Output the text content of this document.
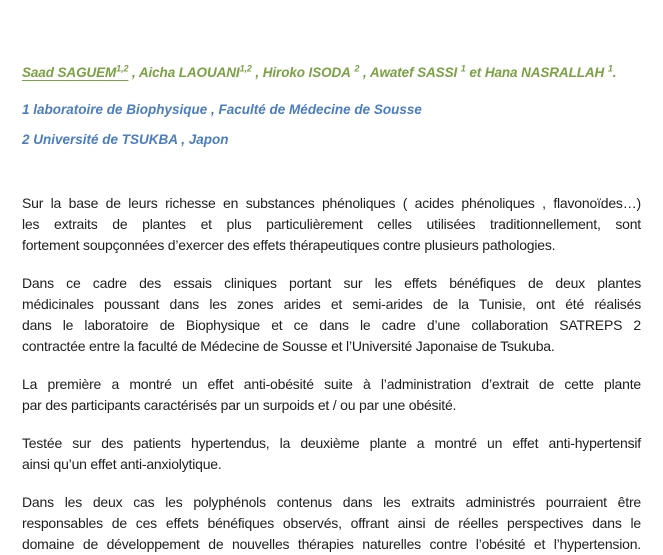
Saad SAGUEM$^{1,2}$ , Aicha LAOUANI$^{1,2}$ , Hiroko ISODA $^2$ , Awatef SASSI $^1$ et Hana NASRALLAH $^1$.
1 laboratoire de Biophysique , Faculté de Médecine de Sousse
2 Université de TSUKBA , Japon
Sur la base de leurs richesse en substances phénoliques ( acides phénoliques , flavonoïdes…)
les extraits de plantes et plus particulièrement celles utilisées traditionnellement, sont
fortement soupçonnées d’exercer des effets thérapeutiques contre plusieurs pathologies.
Dans ce cadre des essais cliniques portant sur les effets bénéfiques de deux plantes
médicinales poussant dans les zones arides et semi-arides de la Tunisie, ont été réalisés
dans le laboratoire de Biophysique et ce dans le cadre d’une collaboration SATREPS 2
contractée entre la faculté de Médecine de Sousse et l’Université Japonaise de Tsukuba.
La première a montré un effet anti-obésité suite à l’administration d’extrait de cette plante
par des participants caractérisés par un surpoids et / ou par une obésité.
Testée sur des patients hypertendus, la deuxième plante a montré un effet anti-hypertensif
ainsi qu’un effet anti-anxiolytique.
Dans les deux cas les polyphénols contenus dans les extraits administrés pourraient être
responsables de ces effets bénéfiques observés, offrant ainsi de réelles perspectives dans le
domaine de développement de nouvelles thérapies naturelles contre l’obésité et l’hypertension.
